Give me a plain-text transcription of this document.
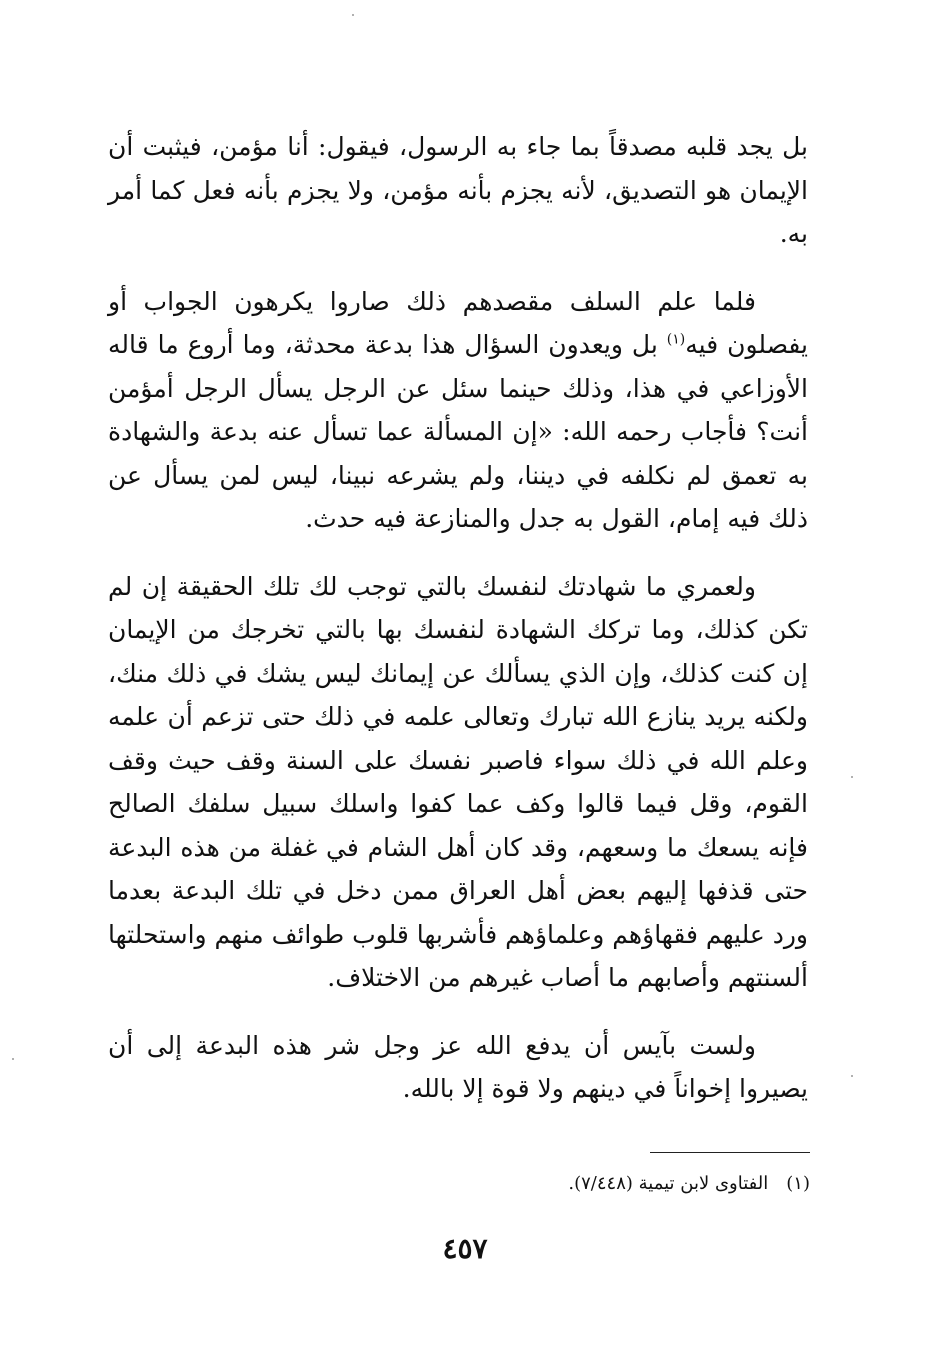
بل يجد قلبه مصدقاً بما جاء به الرسول، فيقول: أنا مؤمن، فيثبت أن الإيمان هو التصديق، لأنه يجزم بأنه مؤمن، ولا يجزم بأنه فعل كما أمر به.

فلما علم السلف مقصدهم ذلك صاروا يكرهون الجواب أو يفصلون فيه$^{(١)}$ بل ويعدون السؤال هذا بدعة محدثة، وما أروع ما قاله الأوزاعي في هذا، وذلك حينما سئل عن الرجل يسأل الرجل أمؤمن أنت؟ فأجاب رحمه الله: «إن المسألة عما تسأل عنه بدعة والشهادة به تعمق لم نكلفه في ديننا، ولم يشرعه نبينا، ليس لمن يسأل عن ذلك فيه إمام، القول به جدل والمنازعة فيه حدث.

ولعمري ما شهادتك لنفسك بالتي توجب لك تلك الحقيقة إن لم تكن كذلك، وما تركك الشهادة لنفسك بها بالتي تخرجك من الإيمان إن كنت كذلك، وإن الذي يسألك عن إيمانك ليس يشك في ذلك منك، ولكنه يريد ينازع الله تبارك وتعالى علمه في ذلك حتى تزعم أن علمه وعلم الله في ذلك سواء فاصبر نفسك على السنة وقف حيث وقف القوم، وقل فيما قالوا وكف عما كفوا واسلك سبيل سلفك الصالح فإنه يسعك ما وسعهم، وقد كان أهل الشام في غفلة من هذه البدعة حتى قذفها إليهم بعض أهل العراق ممن دخل في تلك البدعة بعدما ورد عليهم فقهاؤهم وعلماؤهم فأشربها قلوب طوائف منهم واستحلتها ألسنتهم وأصابهم ما أصاب غيرهم من الاختلاف.

ولست بآيس أن يدفع الله عز وجل شر هذه البدعة إلى أن يصيروا إخواناً في دينهم ولا قوة إلا بالله.

(١)الفتاوى لابن تيمية (٧/٤٤٨).
٤٥٧
